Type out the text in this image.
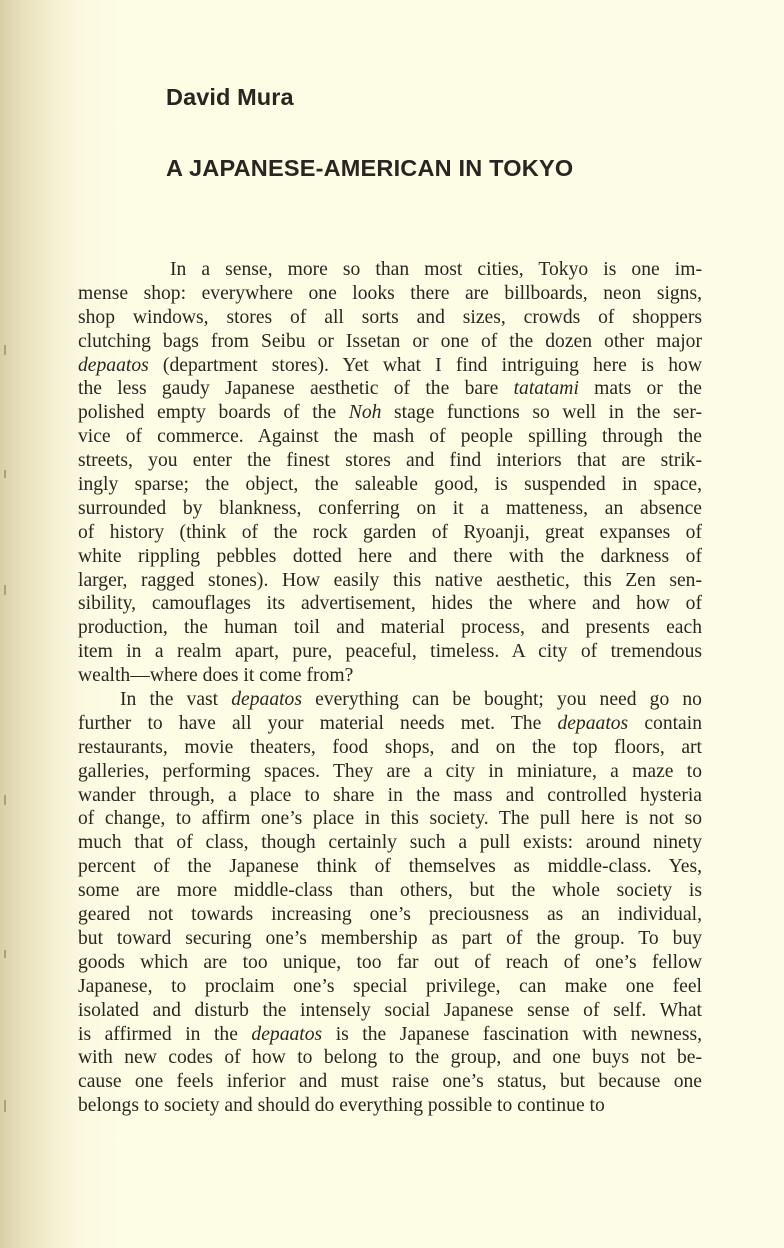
David Mura
A JAPANESE-AMERICAN IN TOKYO
In a sense, more so than most cities, Tokyo is one im-
mense shop: everywhere one looks there are billboards, neon signs,
shop windows, stores of all sorts and sizes, crowds of shoppers
clutching bags from Seibu or Issetan or one of the dozen other major
depaatos (department stores). Yet what I find intriguing here is how
the less gaudy Japanese aesthetic of the bare tatatami mats or the
polished empty boards of the Noh stage functions so well in the ser-
vice of commerce. Against the mash of people spilling through the
streets, you enter the finest stores and find interiors that are strik-
ingly sparse; the object, the saleable good, is suspended in space,
surrounded by blankness, conferring on it a matteness, an absence
of history (think of the rock garden of Ryoanji, great expanses of
white rippling pebbles dotted here and there with the darkness of
larger, ragged stones). How easily this native aesthetic, this Zen sen-
sibility, camouflages its advertisement, hides the where and how of
production, the human toil and material process, and presents each
item in a realm apart, pure, peaceful, timeless. A city of tremendous
wealth—where does it come from?
In the vast depaatos everything can be bought; you need go no
further to have all your material needs met. The depaatos contain
restaurants, movie theaters, food shops, and on the top floors, art
galleries, performing spaces. They are a city in miniature, a maze to
wander through, a place to share in the mass and controlled hysteria
of change, to affirm one’s place in this society. The pull here is not so
much that of class, though certainly such a pull exists: around ninety
percent of the Japanese think of themselves as middle-class. Yes,
some are more middle-class than others, but the whole society is
geared not towards increasing one’s preciousness as an individual,
but toward securing one’s membership as part of the group. To buy
goods which are too unique, too far out of reach of one’s fellow
Japanese, to proclaim one’s special privilege, can make one feel
isolated and disturb the intensely social Japanese sense of self. What
is affirmed in the depaatos is the Japanese fascination with newness,
with new codes of how to belong to the group, and one buys not be-
cause one feels inferior and must raise one’s status, but because one
belongs to society and should do everything possible to continue to
